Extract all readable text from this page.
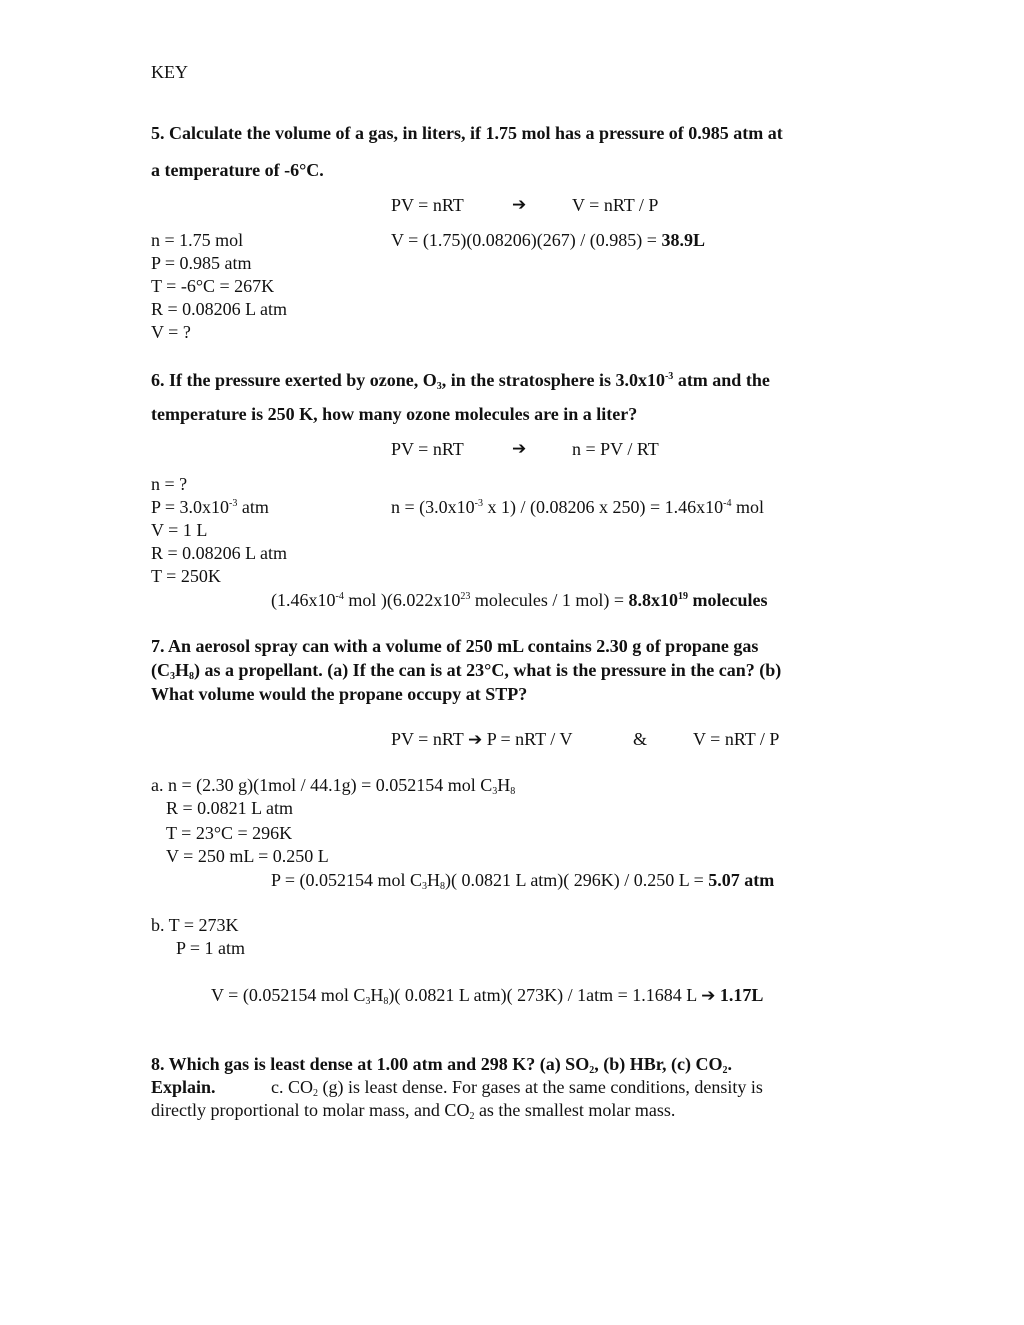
KEY
5. Calculate the volume of a gas, in liters, if 1.75 mol has a pressure of 0.985 atm at
a temperature of -6°C.
PV = nRT	➔	V = nRT / P
n = 1.75 mol
P = 0.985 atm
T = -6°C = 267K
R = 0.08206 L atm
V = ?
V = (1.75)(0.08206)(267) / (0.985) = 38.9L
6. If the pressure exerted by ozone, $O_3$, in the stratosphere is $3.0x10^{-3}$ atm and the
temperature is 250 K, how many ozone molecules are in a liter?
PV = nRT	➔	n = PV / RT
n = ?
$P = 3.0x10^{-3}$ atm
V = 1 L
R = 0.08206 L atm
T = 250K
$n = (3.0x10^{-3}$ x 1) / (0.08206 x $250) = 1.46x10^{-4}$ mol
($1.46x10^{-4}$ mol )($6.022x10^{23}$ molecules / 1 $mol) = 8.8x10^{19}$ molecules
7. An aerosol spray can with a volume of 250 mL contains 2.30 g of propane gas
$(C_3H_8)$ as a propellant. (a) If the can is at 23°C, what is the pressure in the can? (b)
What volume would the propane occupy at STP?
PV = nRT ➔ P = nRT / V	&	V = nRT / P
a. n = (2.30 g)(1mol / 44.1g) = 0.052154 mol $C_3H_8$
R = 0.0821 L atm
T = 23°C = 296K
V = 250 mL = 0.250 L
P = (0.052154 mol $C_3H_8$)( 0.0821 L atm)( 296K) / 0.250 L = 5.07 atm
b. T = 273K
P = 1 atm
V = (0.052154 mol $C_3H_8$)( 0.0821 L atm)( 273K) / 1atm = 1.1684 L ➔ 1.17L
8. Which gas is least dense at 1.00 atm and 298 K? (a) $SO_2$, (b) HBr, (c) $CO_2$.
Explain.	c. $CO_2$ (g) is least dense. For gases at the same conditions, density is
directly proportional to molar mass, and $CO_2$ as the smallest molar mass.
